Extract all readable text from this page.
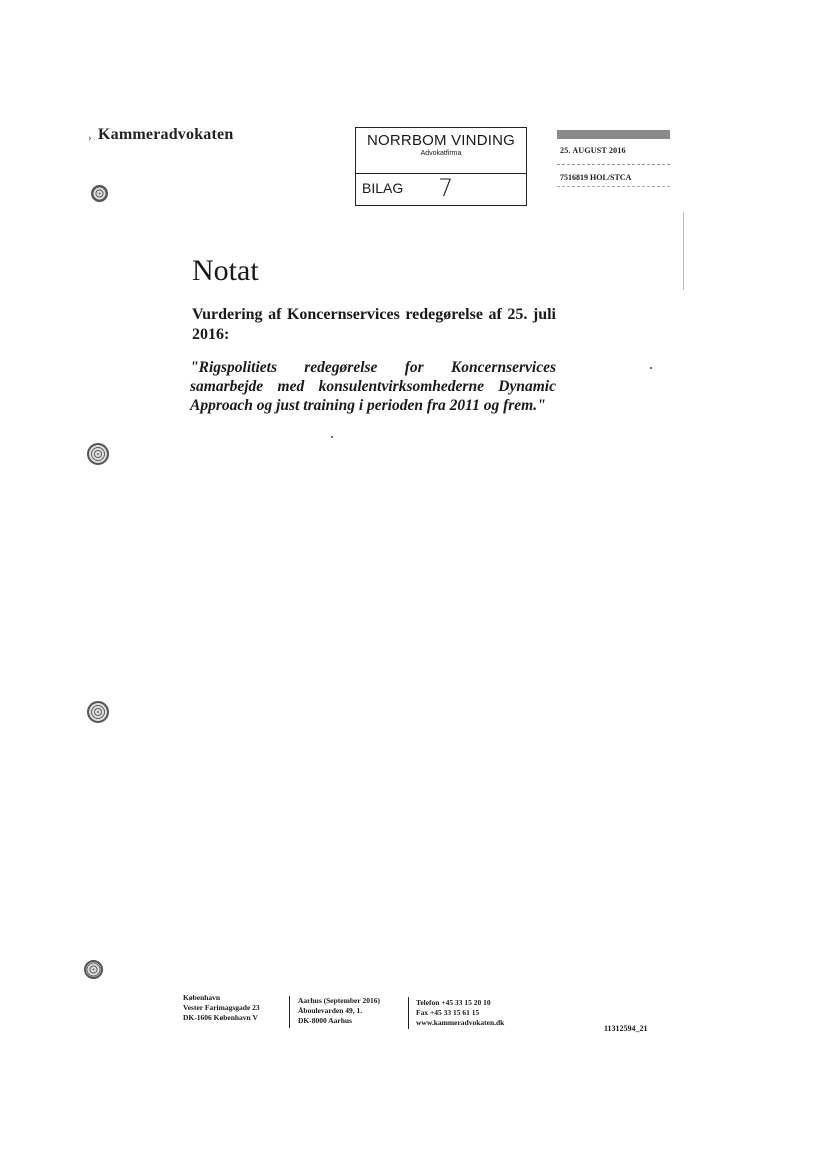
› Kammeradvokaten	NORRBOM VINDING
Advokatfirma
BILAG 7
25. AUGUST 2016
7516819 HOL/STCA
Notat

Vurdering af Koncernservices redegørelse af 25. juli 2016:

"Rigspolitiets redegørelse for Koncernservices samarbejde med konsulentvirksomhederne Dynamic Approach og just training i perioden fra 2011 og frem."

København
Vester Farimagsgade 23
DK-1606 København V
Aarhus (September 2016)
Åboulevarden 49, 1.
DK-8000 Aarhus
Telefon +45 33 15 20 10
Fax +45 33 15 61 15
www.kammeradvokaten.dk
11312594_21
